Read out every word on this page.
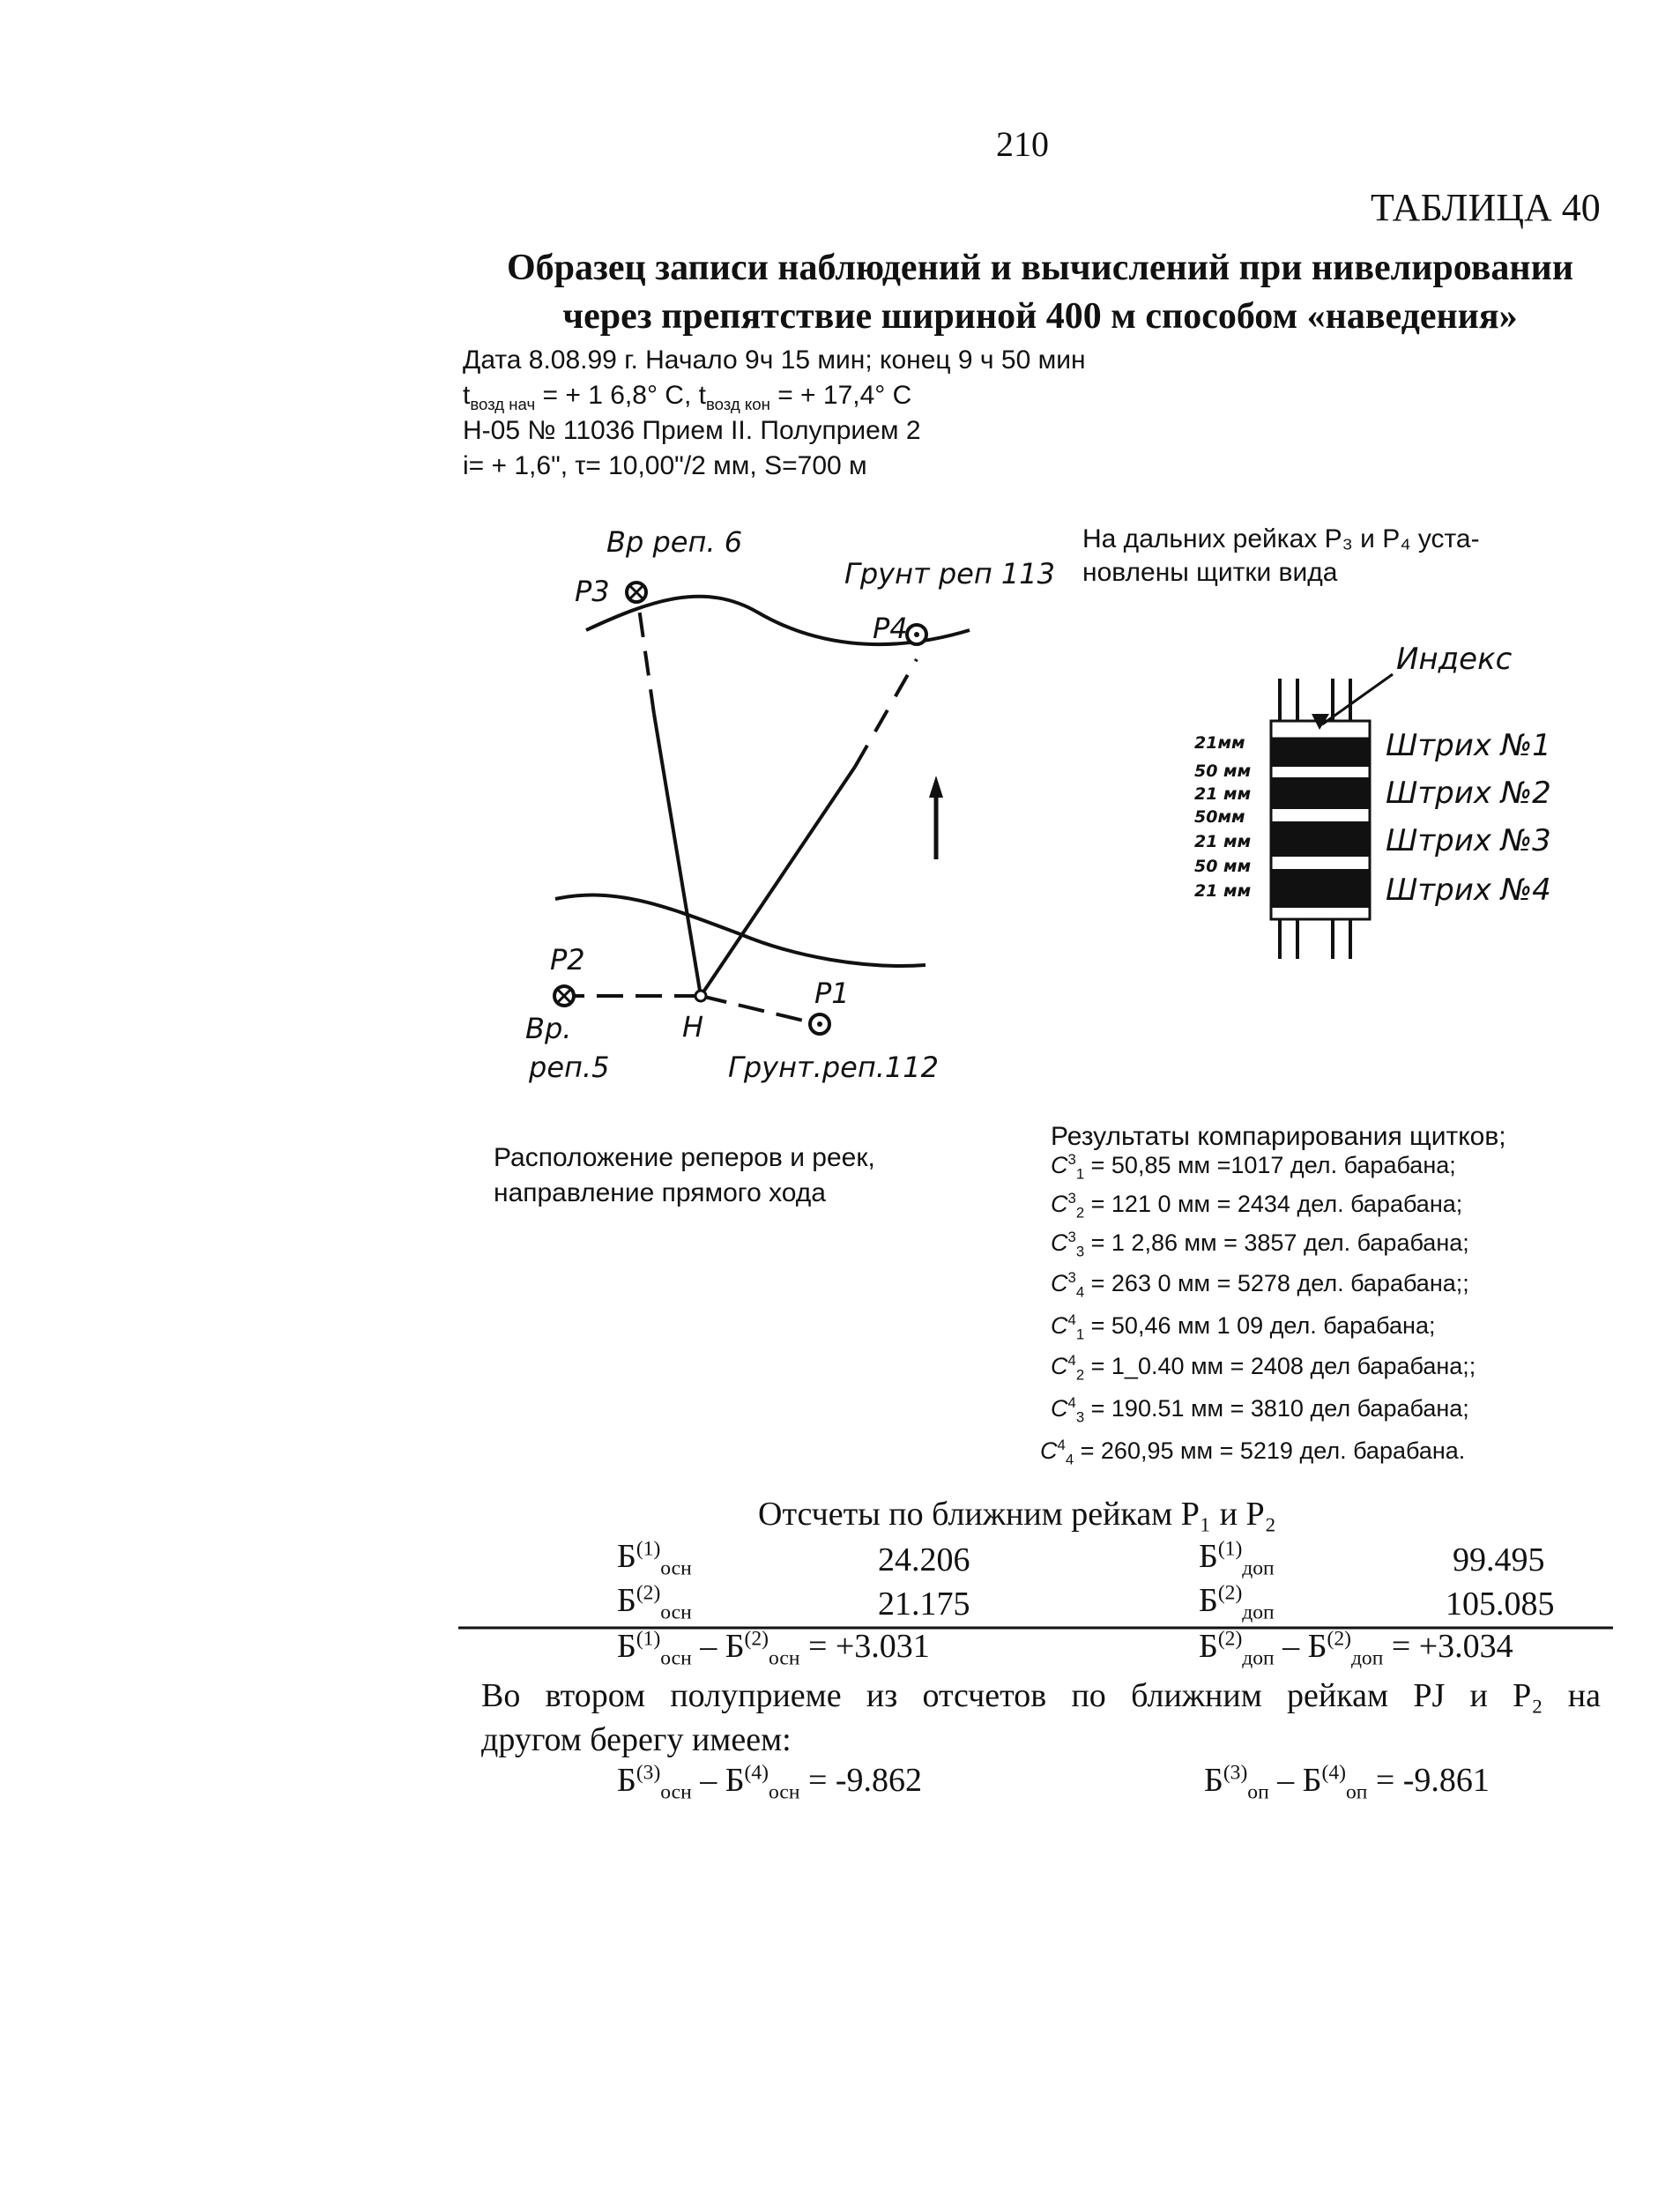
210
ТАБЛИЦА 40
Образец записи наблюдений и вычислений при нивелировании
через препятствие шириной 400 м способом «наведения»
Дата 8.08.99 г. Начало 9ч 15 мин; конец 9 ч 50 мин
$t_{возд нач}$ = + 1 6,8° С, $t_{возд кон}$ = + 17,4° С
Н-05 № 11036 Прием II. Полуприем 2
i= + 1,6", τ= 10,00"/2 мм, S=700 м
Вр реп. 6
Грунт реп 113
P3
P4
P2
P1
H
Вр.
реп.5	Грунт.реп.112
На дальних рейках P₃ и P₄ уста-
новлены щитки вида
Индекс
Штрих №1
Штрих №2
Штрих №3
Штрих №4
21мм
50 мм
21 мм
50мм
21 мм
50 мм
21 мм
Расположение реперов и реек,
направление прямого хода
Результаты компарирования щитков;
$C^3_1 = 50,85$ мм =1017 дел. барабана;
$C^3_2 = 121$ 0 мм = 2434 дел. барабана;
$C^3_3 = 1$ 2,86 мм = 3857 дел. барабана;
$C^3_4 = 263$ 0 мм = 5278 дел. барабана;;
$C^4_1 = 50,46$ мм 1 09 дел. барабана;
$C^4_2$ = 1_0.40 мм = 2408 дел барабана;;
$C^4_3 = 190.51$ мм = 3810 дел барабана;
$C^4_4 = 260,95$ мм = 5219 дел. барабана.
Отсчеты по ближним рейкам P₁ и P₂
$Б^{(1)}_{осн}$	24.206	$Б^{(1)}_{доп}$	99.495
$Б^{(2)}_{осн}$	21.175	$Б^{(2)}_{доп}$	105.085
$Б^{(1)}_{осн} - Б^{(2)}_{осн} = +3.031$	$Б^{(2)}_{доп} - Б^{(2)}_{доп} = +3.034$
Во втором полуприеме из отсчетов по ближним рейкам PJ и P₂ на
другом берегу имеем:
$Б^{(3)}_{осн} - Б^{(4)}_{осн} = -9.862$	$Б^{(3)}_{оп} - Б^{(4)}_{оп} = -9.861$
